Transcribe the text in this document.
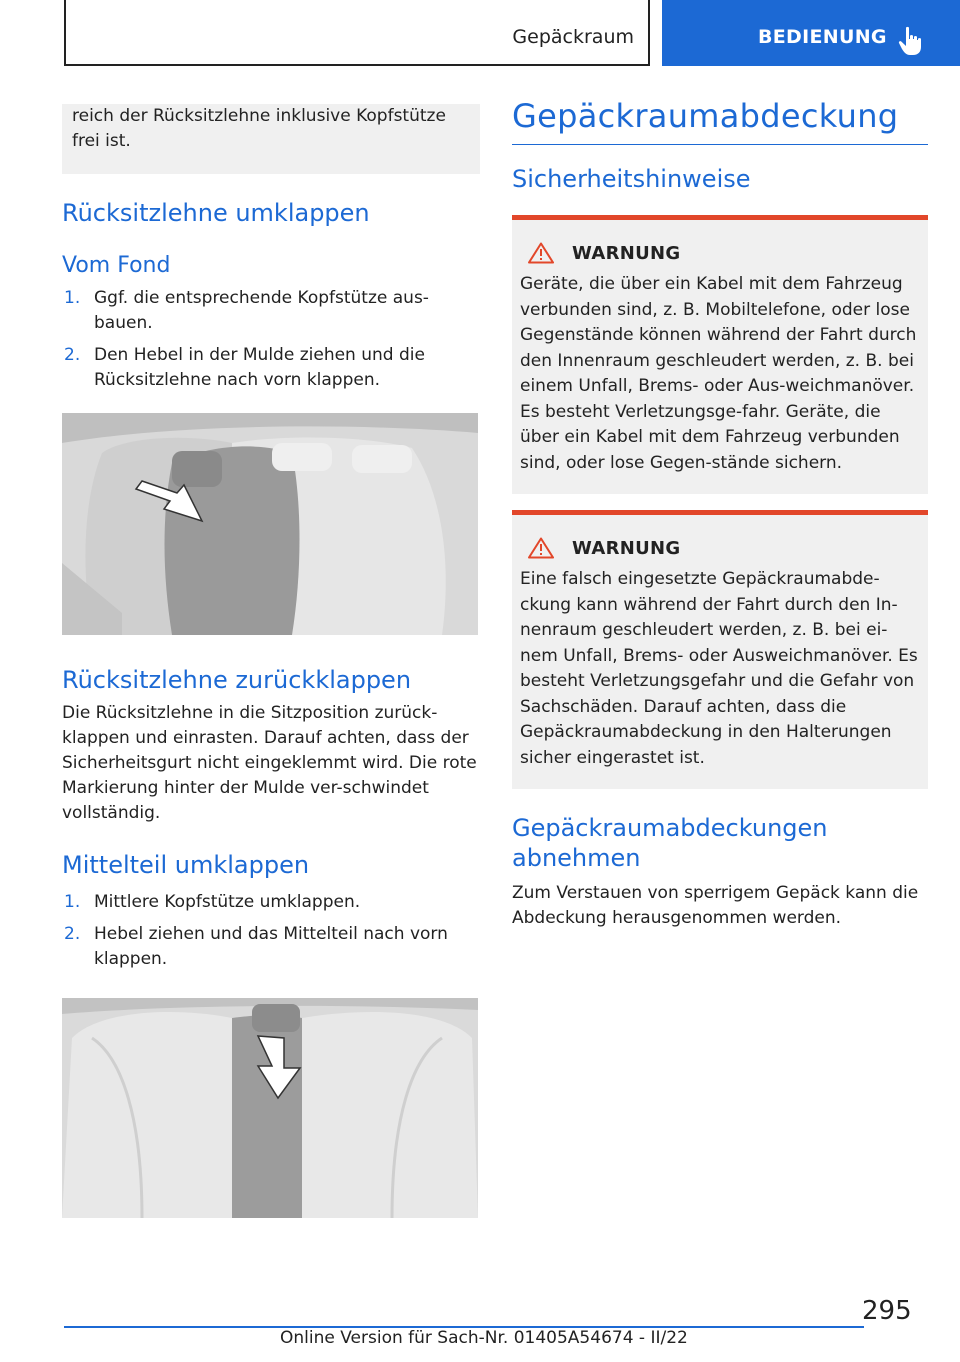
Gepäckraum	BEDIENUNG

reich der Rücksitzlehne inklusive Kopfstütze frei ist.

Rücksitzlehne umklappen
Vom Fond
1. Ggf. die entsprechende Kopfstütze aus-bauen.
2. Den Hebel in der Mulde ziehen und die Rücksitzlehne nach vorn klappen.
Rücksitzlehne zurückklappen

Die Rücksitzlehne in die Sitzposition zurück-klappen und einrasten. Darauf achten, dass der Sicherheitsgurt nicht eingeklemmt wird. Die rote Markierung hinter der Mulde ver-schwindet vollständig.

Mittelteil umklappen
1. Mittlere Kopfstütze umklappen.
2. Hebel ziehen und das Mittelteil nach vorn klappen.
Gepäckraumabdeckung
Sicherheitshinweise
WARNUNG

Geräte, die über ein Kabel mit dem Fahrzeug verbunden sind, z. B. Mobiltelefone, oder lose Gegenstände können während der Fahrt durch den Innenraum geschleudert werden, z. B. bei einem Unfall, Brems- oder Aus-weichmanöver. Es besteht Verletzungsge-fahr. Geräte, die über ein Kabel mit dem Fahrzeug verbunden sind, oder lose Gegen-stände sichern.

WARNUNG

Eine falsch eingesetzte Gepäckraumabde-ckung kann während der Fahrt durch den In-nenraum geschleudert werden, z. B. bei ei-nem Unfall, Brems- oder Ausweichmanöver. Es besteht Verletzungsgefahr und die Gefahr von Sachschäden. Darauf achten, dass die Gepäckraumabdeckung in den Halterungen sicher eingerastet ist.

Gepäckraumabdeckungen abnehmen

Zum Verstauen von sperrigem Gepäck kann die Abdeckung herausgenommen werden.

295
Online Version für Sach-Nr. 01405A54674 - II/22
